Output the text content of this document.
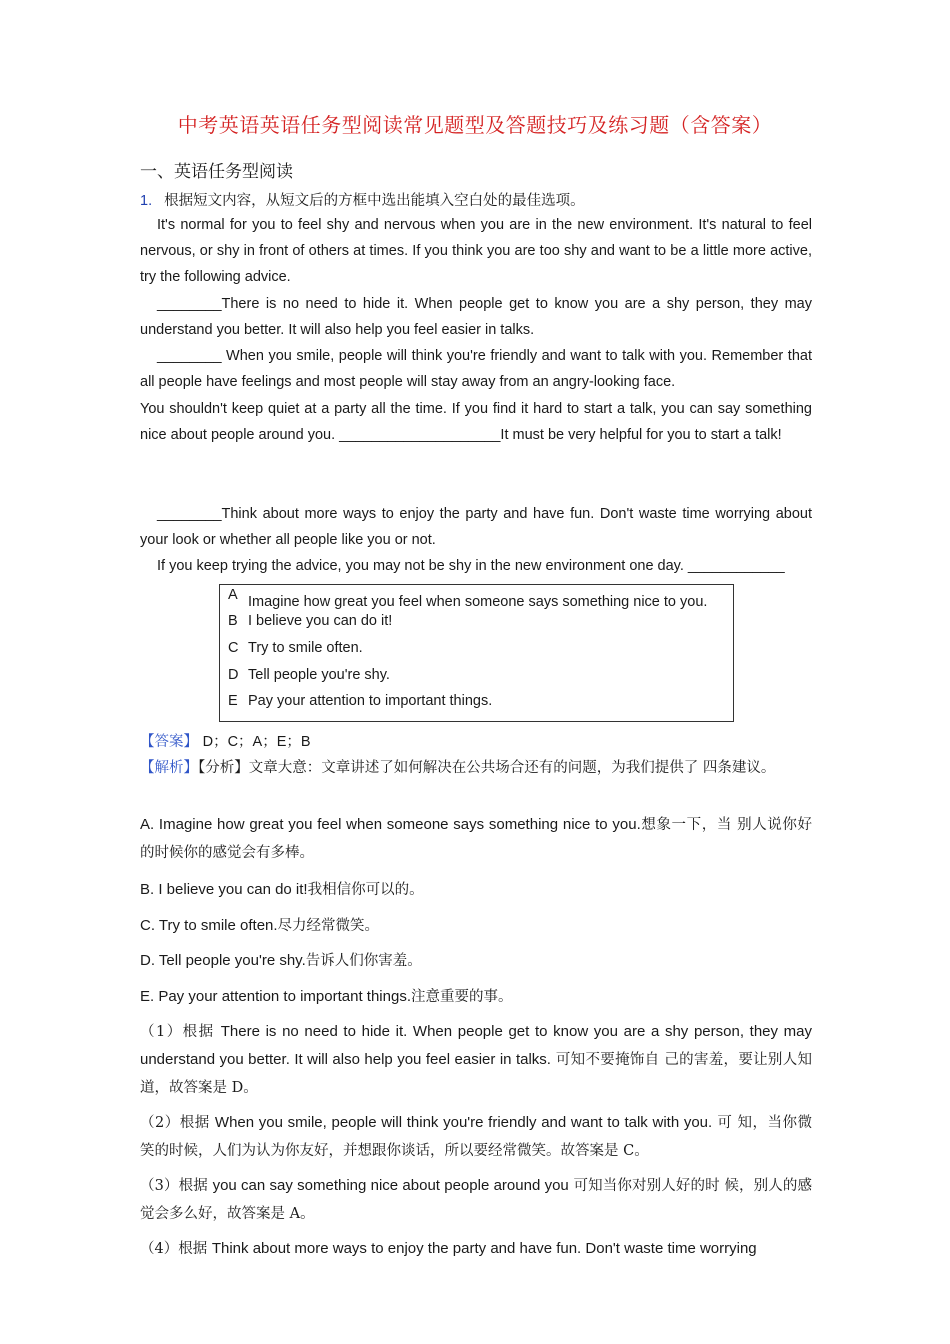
中考英语英语任务型阅读常见题型及答题技巧及练习题（含答案）
一、英语任务型阅读
1. 根据短文内容，从短文后的方框中选出能填入空白处的最佳选项。
It's normal for you to feel shy and nervous when you are in the new environment. It's natural to feel nervous, or shy in front of others at times. If you think you are too shy and want to be a little more active, try the following advice.
________There is no need to hide it. When people get to know you are a shy person, they may understand you better. It will also help you feel easier in talks.
________ When you smile, people will think you're friendly and want to talk with you. Remember that all people have feelings and most people will stay away from an angry-looking face.
You shouldn't keep quiet at a party all the time. If you find it hard to start a talk, you can say something nice about people around you. ____________________It must be very helpful for you to start a talk!
________Think about more ways to enjoy the party and have fun. Don't waste time worrying about your look or whether all people like you or not.
If you keep trying the advice, you may not be shy in the new environment one day. ____________
A Imagine how great you feel when someone says something nice to you.
B I believe you can do it!
C Try to smile often.
D Tell people you're shy.
E Pay your attention to important things.
【答案】 D；C；A；E；B
【解析】【分析】文章大意：文章讲述了如何解决在公共场合还有的问题，为我们提供了 四条建议。
A. Imagine how great you feel when someone says something nice to you.想象一下，当 别人说你好的时候你的感觉会有多棒。
B. I believe you can do it!我相信你可以的。
C. Try to smile often.尽力经常微笑。
D. Tell people you're shy.告诉人们你害羞。
E. Pay your attention to important things.注意重要的事。
（1）根据 There is no need to hide it. When people get to know you are a shy person, they may understand you better. It will also help you feel easier in talks. 可知不要掩饰自 己的害羞，要让别人知道，故答案是 D。
（2）根据 When you smile, people will think you're friendly and want to talk with you. 可 知，当你微笑的时候，人们为认为你友好，并想跟你谈话，所以要经常微笑。故答案是 C。
（3）根据 you can say something nice about people around you 可知当你对别人好的时 候，别人的感觉会多么好，故答案是 A。
（4）根据 Think about more ways to enjoy the party and have fun. Don't waste time worrying
